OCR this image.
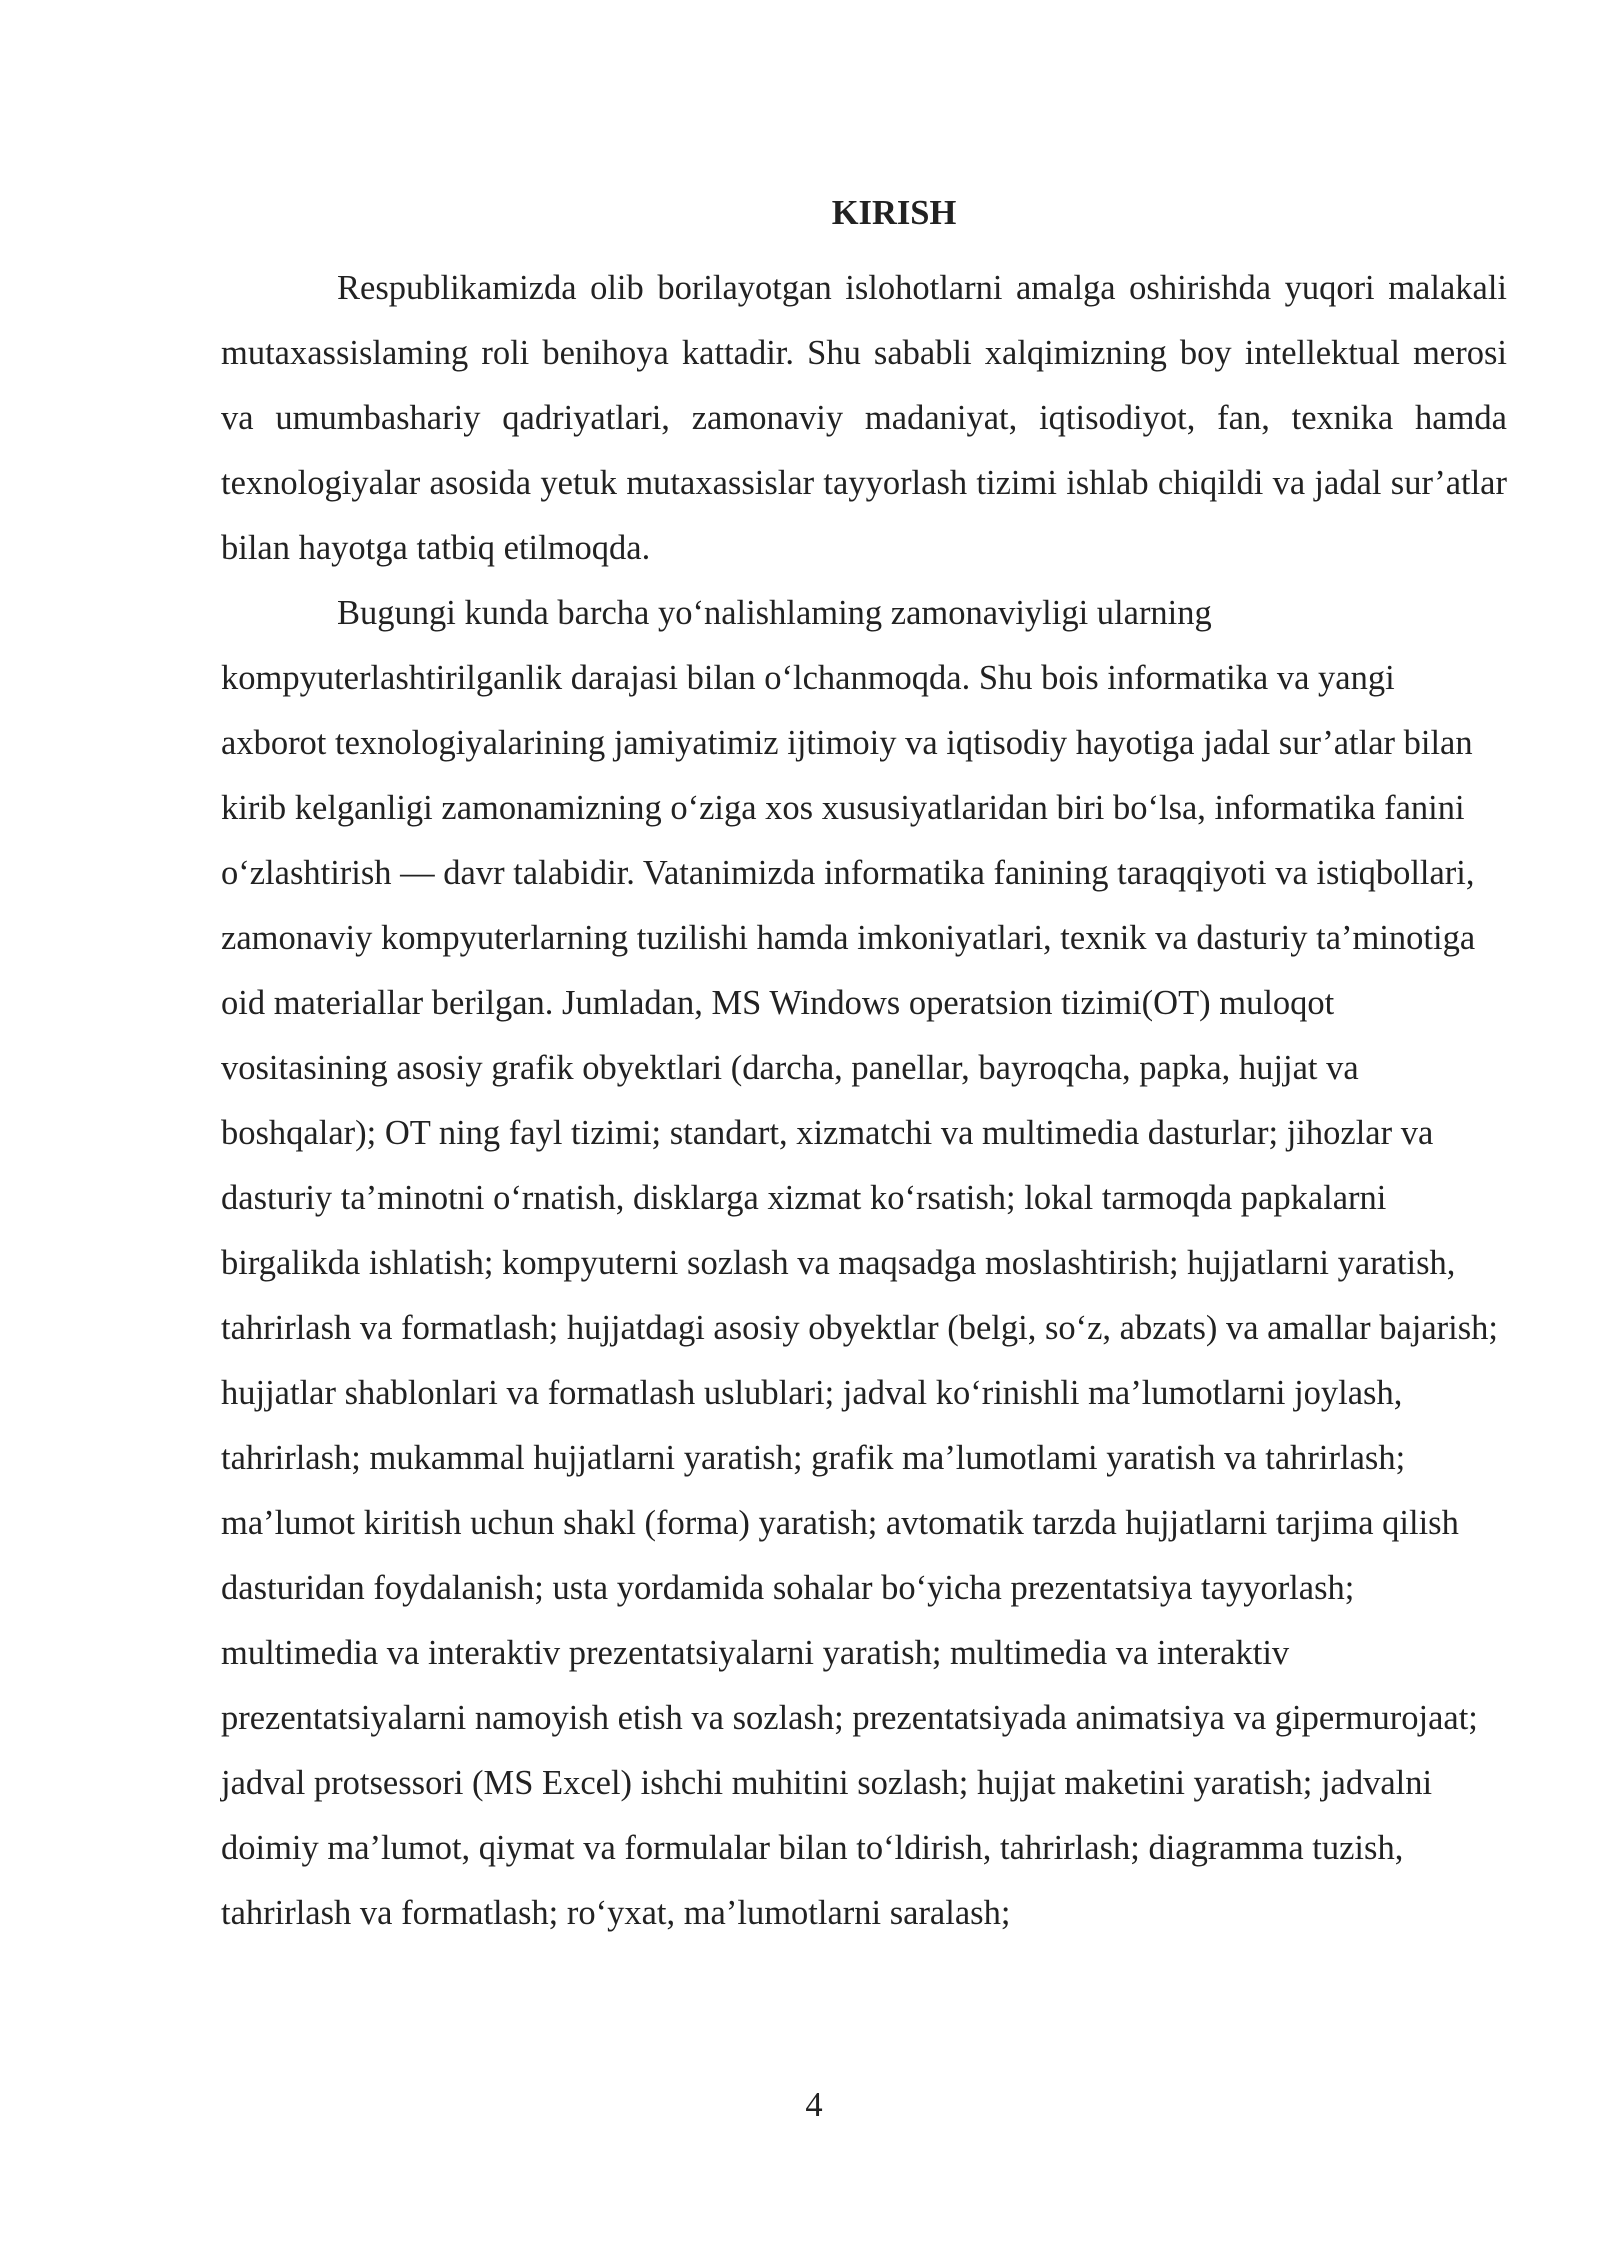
KIRISH

Respublikamizda olib borilayotgan islohotlarni amalga oshirishda yuqori malakali mutaxassislaming roli benihoya kattadir. Shu sababli xalqimizning boy intellektual merosi va umumbashariy qadriyatlari, zamonaviy madaniyat, iqtisodiyot, fan, texnika hamda texnologiyalar asosida yetuk mutaxassislar tayyorlash tizimi ishlab chiqildi va jadal sur’atlar bilan hayotga tatbiq etilmoqda.

Bugungi kunda barcha yo‘nalishlaming zamonaviyligi ularning kompyuterlashtirilganlik darajasi bilan o‘lchanmoqda. Shu bois informatika va yangi axborot texnologiyalarining jamiyatimiz ijtimoiy va iqtisodiy hayotiga jadal sur’atlar bilan kirib kelganligi zamonamizning o‘ziga xos xususiyatlaridan biri bo‘lsa, informatika fanini o‘zlashtirish — davr talabidir. Vatanimizda informatika fanining taraqqiyoti va istiqbollari, zamonaviy kompyuterlarning tuzilishi hamda imkoniyatlari, texnik va dasturiy ta’minotiga oid materiallar berilgan. Jumladan, MS Windows operatsion tizimi(OT) muloqot vositasining asosiy grafik obyektlari (darcha, panellar, bayroqcha, papka, hujjat va boshqalar); OT ning fayl tizimi; standart, xizmatchi va multimedia dasturlar; jihozlar va dasturiy ta’minotni o‘rnatish, disklarga xizmat ko‘rsatish; lokal tarmoqda papkalarni birgalikda ishlatish; kompyuterni sozlash va maqsadga moslashtirish; hujjatlarni yaratish, tahrirlash va formatlash; hujjatdagi asosiy obyektlar (belgi, so‘z, abzats) va amallar bajarish; hujjatlar shablonlari va formatlash uslublari; jadval ko‘rinishli ma’lumotlarni joylash, tahrirlash; mukammal hujjatlarni yaratish; grafik ma’lumotlami yaratish va tahrirlash; ma’lumot kiritish uchun shakl (forma) yaratish; avtomatik tarzda hujjatlarni tarjima qilish dasturidan foydalanish; usta yordamida sohalar bo‘yicha prezentatsiya tayyorlash; multimedia va interaktiv prezentatsiyalarni yaratish; multimedia va interaktiv prezentatsiyalarni namoyish etish va sozlash; prezentatsiyada animatsiya va gipermurojaat; jadval protsessori (MS Excel) ishchi muhitini sozlash; hujjat maketini yaratish; jadvalni doimiy ma’lumot, qiymat va formulalar bilan to‘ldirish, tahrirlash; diagramma tuzish, tahrirlash va formatlash; ro‘yxat, ma’lumotlarni saralash;

4
